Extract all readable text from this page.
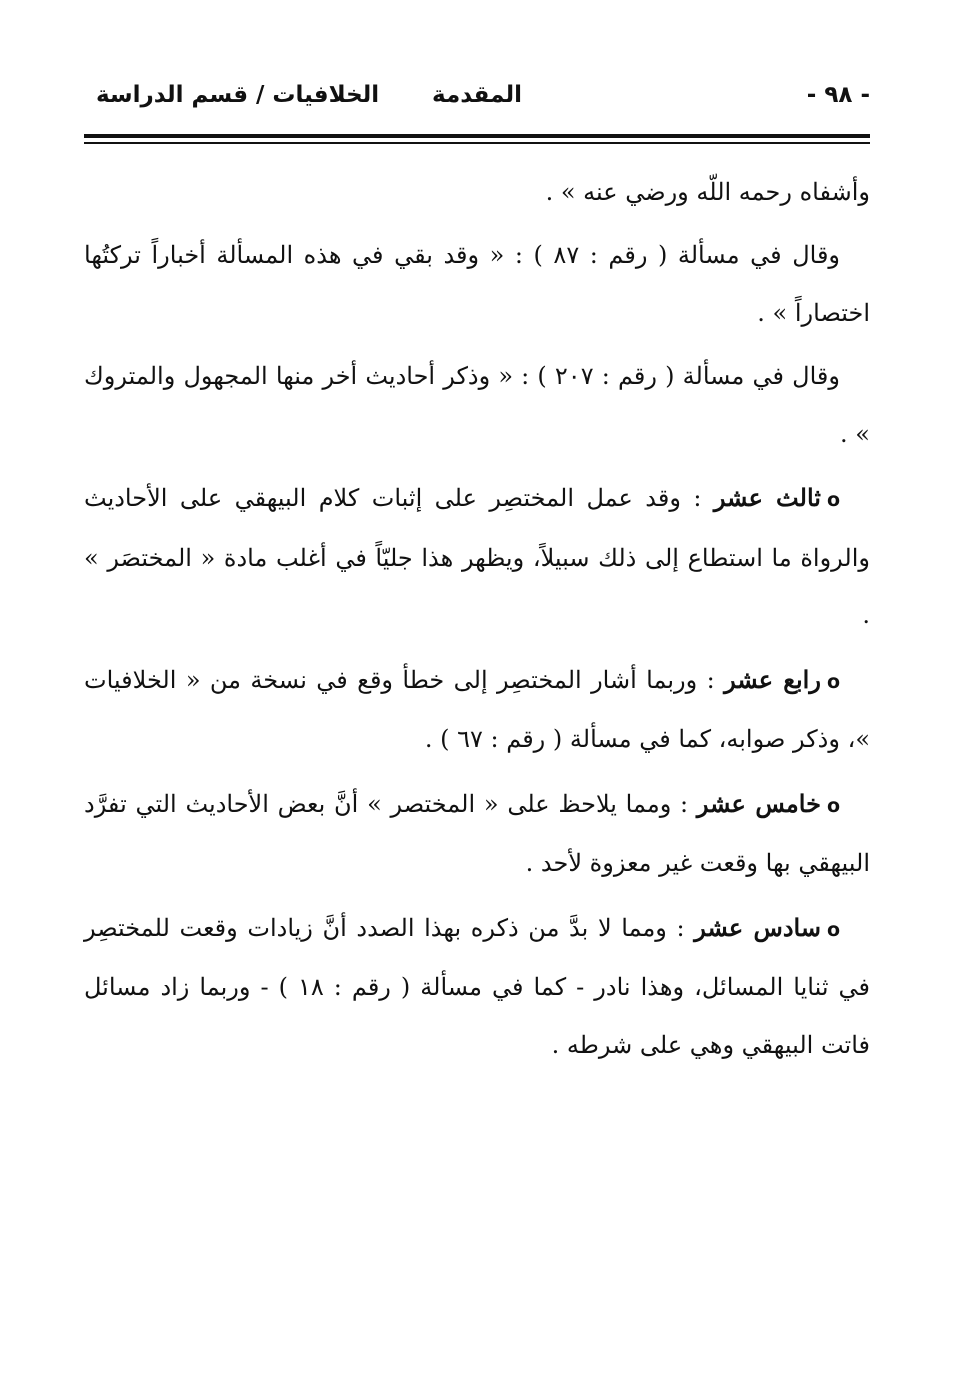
- ٩٨ -
المقدمة
الخلافيات / قسم الدراسة

وأشفاه رحمه اللّه ورضي عنه » .

وقال في مسألة ( رقم : ٨٧ ) : « وقد بقي في هذه المسألة أخباراً تركتُها اختصاراً » .

وقال في مسألة ( رقم : ٢٠٧ ) : « وذكر أحاديث أخر منها المجهول والمتروك » .

oثالث عشر : وقد عمل المختصِر على إثبات كلام البيهقي على الأحاديث والرواة ما استطاع إلى ذلك سبيلاً، ويظهر هذا جليّاً في أغلب مادة « المختصَر » .

oرابع عشر : وربما أشار المختصِر إلى خطأ وقع في نسخة من « الخلافيات »، وذكر صوابه، كما في مسألة ( رقم : ٦٧ ) .

oخامس عشر : ومما يلاحظ على « المختصر » أنَّ بعض الأحاديث التي تفرَّد البيهقي بها وقعت غير معزوة لأحد .

oسادس عشر : ومما لا بدَّ من ذكره بهذا الصدد أنَّ زيادات وقعت للمختصِر في ثنايا المسائل، وهذا نادر - كما في مسألة ( رقم : ١٨ ) - وربما زاد مسائل فاتت البيهقي وهي على شرطه .
